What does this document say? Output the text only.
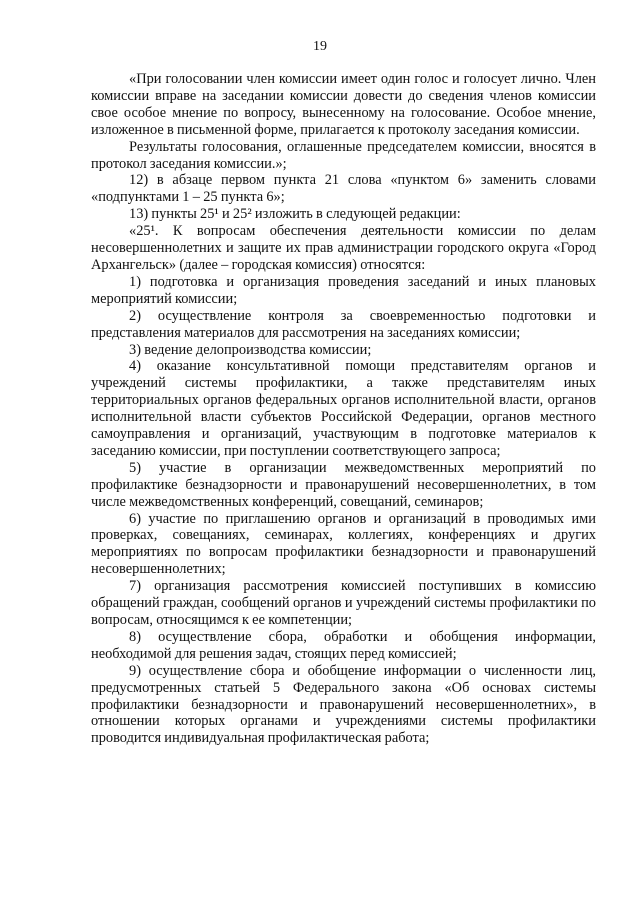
19

«При голосовании член комиссии имеет один голос и голосует лично. Член комиссии вправе на заседании комиссии довести до сведения членов комиссии свое особое мнение по вопросу, вынесенному на голосование. Особое мнение, изложенное в письменной форме, прилагается к протоколу заседания комиссии.

Результаты голосования, оглашенные председателем комиссии, вносятся в протокол заседания комиссии.»;

12) в абзаце первом пункта 21 слова «пунктом 6» заменить словами «подпунктами 1 – 25 пункта 6»;

13) пункты 25¹ и 25² изложить в следующей редакции:

«25¹. К вопросам обеспечения деятельности комиссии по делам несовершеннолетних и защите их прав администрации городского округа «Город Архангельск» (далее – городская комиссия) относятся:

1) подготовка и организация проведения заседаний и иных плановых мероприятий комиссии;

2) осуществление контроля за своевременностью подготовки и представления материалов для рассмотрения на заседаниях комиссии;

3) ведение делопроизводства комиссии;

4) оказание консультативной помощи представителям органов и учреждений системы профилактики, а также представителям иных территориальных органов федеральных органов исполнительной власти, органов исполнительной власти субъектов Российской Федерации, органов местного самоуправления и организаций, участвующим в подготовке материалов к заседанию комиссии, при поступлении соответствующего запроса;

5) участие в организации межведомственных мероприятий по профилактике безнадзорности и правонарушений несовершеннолетних, в том числе межведомственных конференций, совещаний, семинаров;

6) участие по приглашению органов и организаций в проводимых ими проверках, совещаниях, семинарах, коллегиях, конференциях и других мероприятиях по вопросам профилактики безнадзорности и правонарушений несовершеннолетних;

7) организация рассмотрения комиссией поступивших в комиссию обращений граждан, сообщений органов и учреждений системы профилактики по вопросам, относящимся к ее компетенции;

8) осуществление сбора, обработки и обобщения информации, необходимой для решения задач, стоящих перед комиссией;

9) осуществление сбора и обобщение информации о численности лиц, предусмотренных статьей 5 Федерального закона «Об основах системы профилактики безнадзорности и правонарушений несовершеннолетних», в отношении которых органами и учреждениями системы профилактики проводится индивидуальная профилактическая работа;
